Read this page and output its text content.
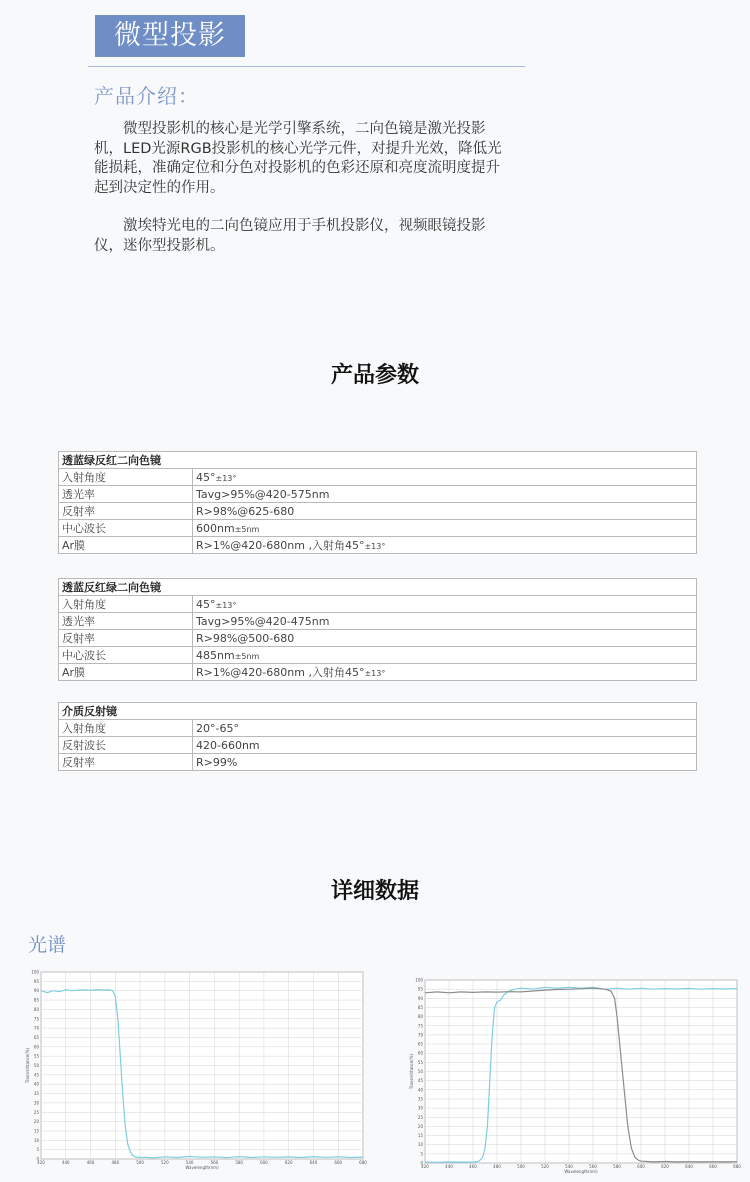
微型投影
产品介绍：
微型投影机的核心是光学引擎系统，二向色镜是激光投影机，LED光源RGB投影机的核心光学元件，对提升光效，降低光能损耗，准确定位和分色对投影机的色彩还原和亮度流明度提升起到决定性的作用。
激埃特光电的二向色镜应用于手机投影仪，视频眼镜投影仪，迷你型投影机。
产品参数
透蓝绿反红二向色镜	
入射角度	45°±13°
透光率	Tavg>95%@420-575nm
反射率	R>98%@625-680
中心波长	600nm±5nm
Ar膜	R>1%@420-680nm ,入射角45°±13°
透蓝反红绿二向色镜	
入射角度	45°±13°
透光率	Tavg>95%@420-475nm
反射率	R>98%@500-680
中心波长	485nm±5nm
Ar膜	R>1%@420-680nm ,入射角45°±13°
介质反射镜	
入射角度	20°-65°
反射波长	420-660nm
反射率	R>99%
详细数据
光谱
0
5
10
15
20
25
30
35
40
45
50
55
60
65
70
75
80
85
90
95
100
420	440	460	480	500	520	540	560	580	600	620	640	660	680
Wavelength(nm)
Transmittance(%)
0
5
10
15
20
25
30
35
40
45
50
55
60
65
70
75
80
85
90
95
100
420	440	460	480	500	520	540	560	580	600	620	640	660	680
Wavelength(nm)
Transmittance(%)
